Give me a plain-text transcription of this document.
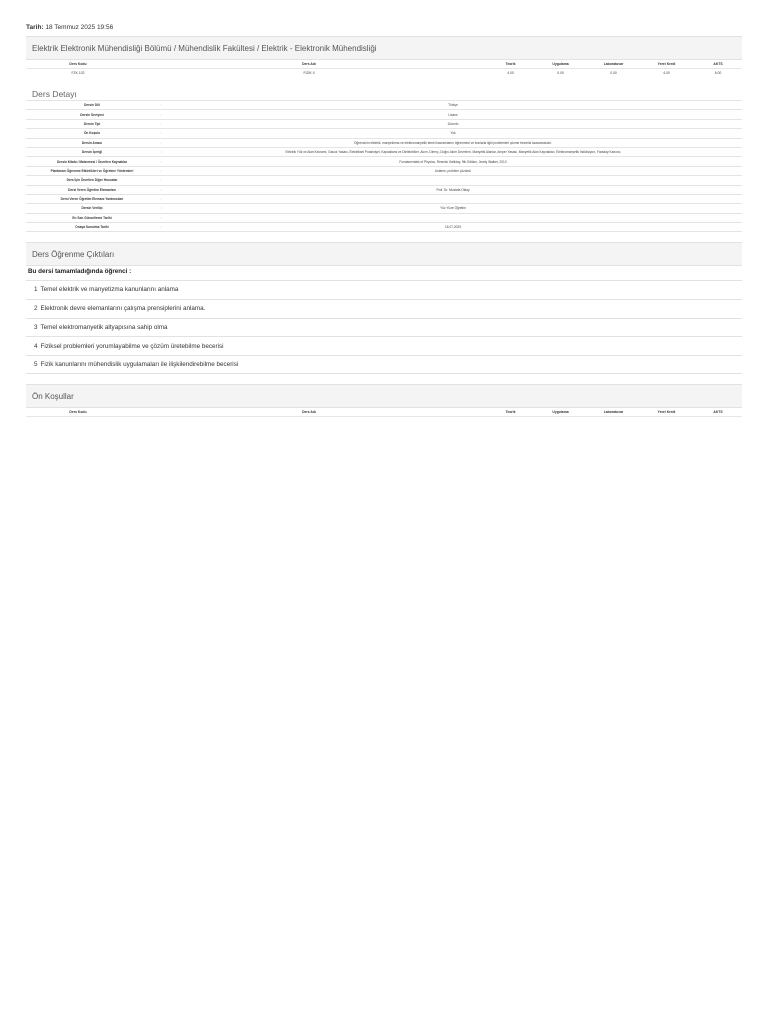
Tarih: 18 Temmuz 2025 19:56
Elektrik Elektronik Mühendisliği Bölümü / Mühendislik Fakültesi / Elektrik - Elektronik Mühendisliği
Ders Kodu	Ders Adı	Teorik	Uygulama	Laboratuvar	Yerel Kredi	AKTS
FZK 102	FİZİK II	4.00	0.00	0.00	4.00	6.00
Ders Detayı
Dersin Dili	:	Türkçe
Dersin Seviyesi	:	Lisans
Dersin Tipi	:	Zorunlu
Ön Koşulu	:	Yok
Dersin Amacı	:	Öğrencinin elektrik, manyetizma ve elektromanyetik temel kavramlarını öğrenmesi ve bunlarla ilgili problemleri çözme becerisi kazanmasıdır.
Dersin İçeriği	:	Elektrik Yük ve Alan Kavramı, Gauss Yasası, Elektriksel Potansiyel, Kapasitans ve Dielektrikler, Akım, Direnç, Doğru Akım Devreleri, Manyetik Alanlar, Amper Yasası, Manyetik Alan Kaynakları, Elektromanyetik İndüksiyon, Faraday Kanunu
Dersin Kitabı / Malzemesi / Önerilen Kaynaklar	:	Fundamentals of Physics, Resnick Halliday, 9th Edition, Jearly Walker, 2010
Planlanan Öğrenme Etkinlikleri ve Öğretme Yöntemleri	:	Anlatım, problem çözümü
Ders İçin Önerilen Diğer Hususlar	:	
Dersi Veren Öğretim Elemanları	:	Prof. Dr. Mustafa Oktay
Dersi Veren Öğretim Elemanı Yardımcıları	:	
Dersin Verilişi	:	Yüz Yüze Öğretim
En Son Güncelleme Tarihi	:	
Onaya Sunulma Tarihi	:	16.07.2025
Ders Öğrenme Çıktıları
Bu dersi tamamladığında öğrenci :
1 Temel elektrik ve manyetizma kanunlarını anlama
2 Elektronik devre elemanlarını çalışma prensiplerini anlama.
3 Temel elektromanyetik altyapısına sahip olma
4 Fiziksel problemleri yorumlayabilme ve çözüm üretebilme becerisi
5 Fizik kanunlarını mühendislik uygulamaları ile ilişkilendirebilme becerisi
Ön Koşullar
Ders Kodu	Ders Adı	Teorik	Uygulama	Laboratuvar	Yerel Kredi	AKTS
